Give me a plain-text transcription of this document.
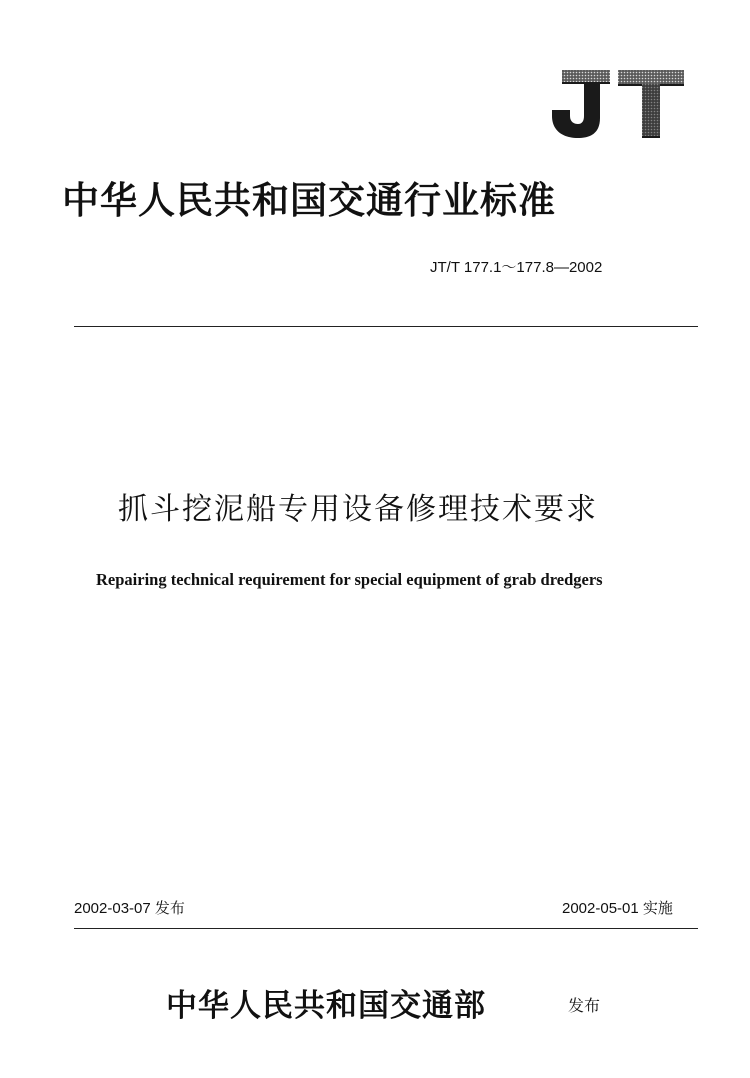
JT
中华人民共和国交通行业标准
JT/T 177.1～177.8—2002
抓斗挖泥船专用设备修理技术要求
Repairing technical requirement for special equipment of grab dredgers
2002-03-07 发布	2002-05-01 实施
中华人民共和国交通部	发布
